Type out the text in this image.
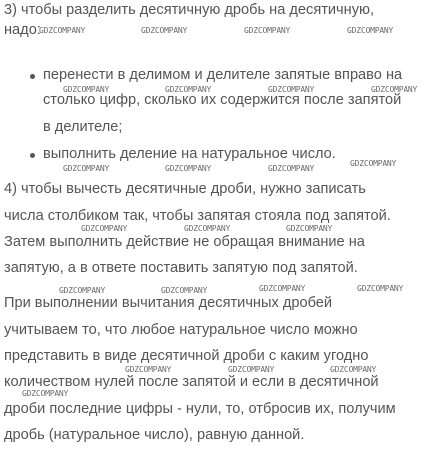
3) чтобы разделить десятичную дробь на десятичную,
надо:
перенести в делимом и делителе запятые вправо на
столько цифр, сколько их содержится после запятой
в делителе;
выполнить деление на натуральное число.
4) чтобы вычесть десятичные дроби, нужно записать
числа столбиком так, чтобы запятая стояла под запятой.
Затем выполнить действие не обращая внимание на
запятую, а в ответе поставить запятую под запятой.
При выполнении вычитания десятичных дробей
учитываем то, что любое натуральное число можно
представить в виде десятичной дроби с каким угодно
количеством нулей после запятой и если в десятичной
дроби последние цифры - нули, то, отбросив их, получим
дробь (натуральное число), равную данной.
GDZCOMPANY	GDZCOMPANY	GDZCOMPANY	GDZCOMPANY
GDZCOMPANY	GDZCOMPANY	GDZCOMPANY	GDZCOMPANY
GDZCOMPANY	GDZCOMPANY	GDZCOMPANY
GDZCOMPANY
GDZCOMPANY	GDZCOMPANY	GDZCOMPANY
GDZCOMPANY	GDZCOMPANY	GDZCOMPANY	GDZCOMPANY
GDZCOMPANY	GDZCOMPANY	GDZCOMPANY
GDZCOMPANY
